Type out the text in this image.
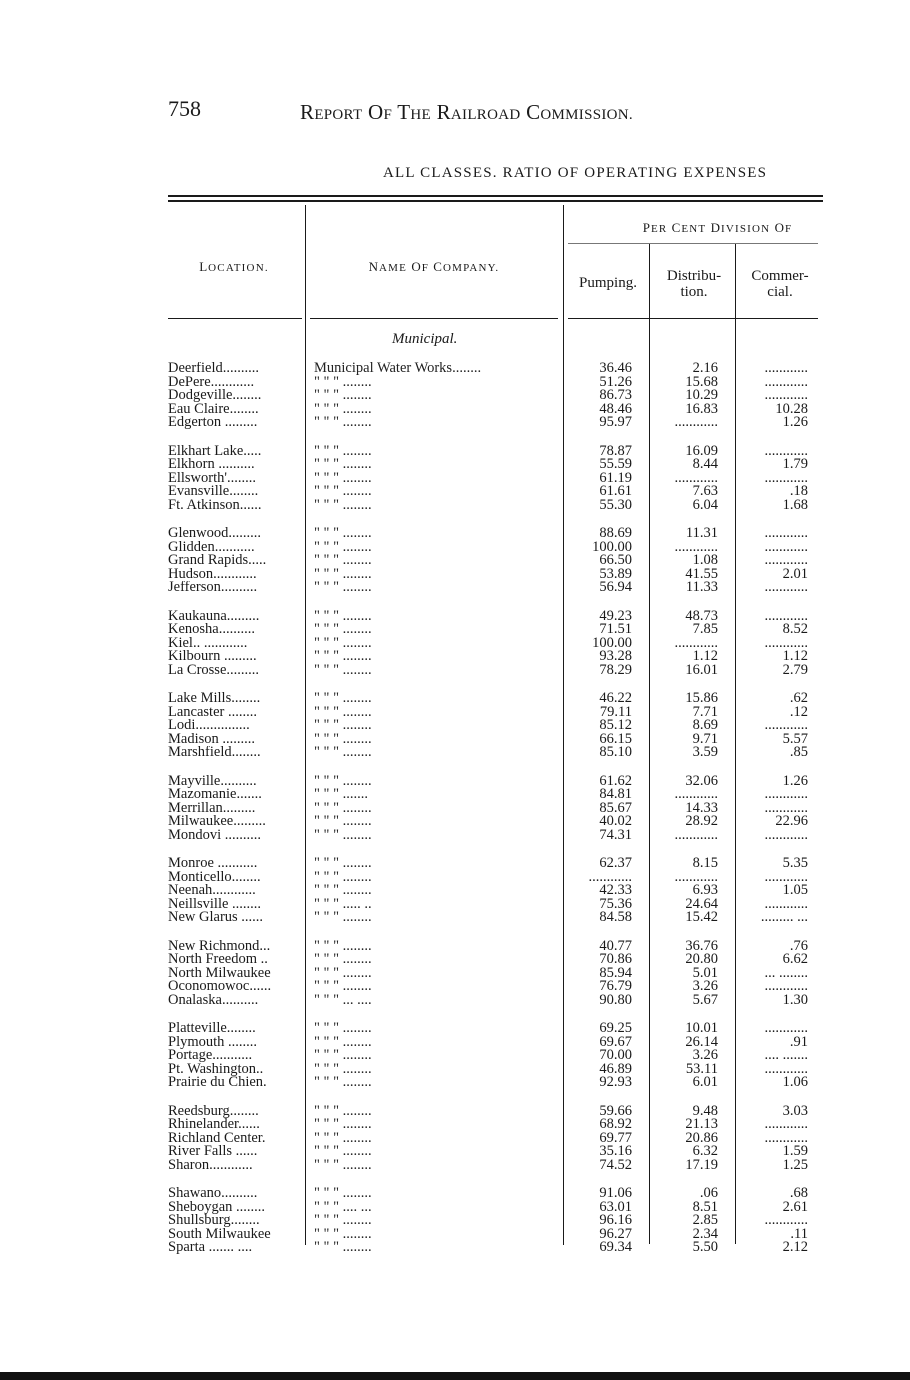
758	REPORT OF THE RAILROAD COMMISSION.
ALL CLASSES. RATIO OF OPERATING EXPENSES
PER CENT DIVISION OF
LOCATION.	NAME OF COMPANY.
Pumping.	Distribu-
tion.
Commer-
cial.
Municipal.
Deerfield..........	Municipal Water Works........	36.46	2.16	............
DePere............	" " " ........	51.26	15.68	............
Dodgeville........	" " " ........	86.73	10.29	............
Eau Claire........	" " " ........	48.46	16.83	10.28
Edgerton .........	" " " ........	95.97	............	1.26
Elkhart Lake.....	" " " ........	78.87	16.09	............
Elkhorn ..........	" " " ........	55.59	8.44	1.79
Ellsworth'........	" " " ........	61.19	............	............
Evansville........	" " " ........	61.61	7.63	.18
Ft. Atkinson......	" " " ........	55.30	6.04	1.68
Glenwood.........	" " " ........	88.69	11.31	............
Glidden...........	" " " ........	100.00	............	............
Grand Rapids.....	" " " ........	66.50	1.08	............
Hudson............	" " " ........	53.89	41.55	2.01
Jefferson..........	" " " ........	56.94	11.33	............
Kaukauna.........	" " " ........	49.23	48.73	............
Kenosha..........	" " " ........	71.51	7.85	8.52
Kiel.. ............	" " " ........	100.00	............	............
Kilbourn .........	" " " ........	93.28	1.12	1.12
La Crosse.........	" " " ........	78.29	16.01	2.79
Lake Mills........	" " " ........	46.22	15.86	.62
Lancaster ........	" " " ........	79.11	7.71	.12
Lodi...............	" " " ........	85.12	8.69	............
Madison .........	" " " ........	66.15	9.71	5.57
Marshfield........	" " " ........	85.10	3.59	.85
Mayville..........	" " " ........	61.62	32.06	1.26
Mazomanie.......	" " " .......	84.81	............	............
Merrillan.........	" " " ........	85.67	14.33	............
Milwaukee.........	" " " ........	40.02	28.92	22.96
Mondovi ..........	" " " ........	74.31	............	............
Monroe ...........	" " " ........	62.37	8.15	5.35
Monticello........	" " " ........	............	............	............
Neenah............	" " " ........	42.33	6.93	1.05
Neillsville ........	" " " ..... ..	75.36	24.64	............
New Glarus ......	" " " ........	84.58	15.42	......... ...
New Richmond...	" " " ........	40.77	36.76	.76
North Freedom ..	" " " ........	70.86	20.80	6.62
North Milwaukee	" " " ........	85.94	5.01	... ........
Oconomowoc......	" " " ........	76.79	3.26	............
Onalaska..........	" " " ... ....	90.80	5.67	1.30
Platteville........	" " " ........	69.25	10.01	............
Plymouth ........	" " " ........	69.67	26.14	.91
Portage...........	" " " ........	70.00	3.26	.... .......
Pt. Washington..	" " " ........	46.89	53.11	............
Prairie du Chien.	" " " ........	92.93	6.01	1.06
Reedsburg........	" " " ........	59.66	9.48	3.03
Rhinelander......	" " " ........	68.92	21.13	............
Richland Center.	" " " ........	69.77	20.86	............
River Falls ......	" " " ........	35.16	6.32	1.59
Sharon............	" " " ........	74.52	17.19	1.25
Shawano..........	" " " ........	91.06	.06	.68
Sheboygan ........	" " " .... ...	63.01	8.51	2.61
Shullsburg........	" " " ........	96.16	2.85	............
South Milwaukee	" " " ........	96.27	2.34	.11
Sparta ....... ....	" " " ........	69.34	5.50	2.12
